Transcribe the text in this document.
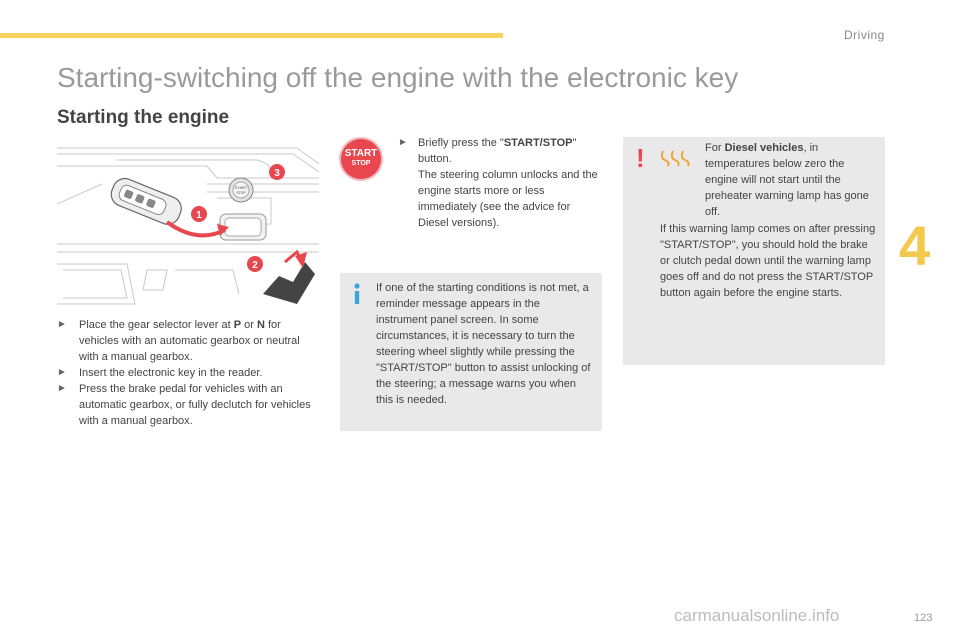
Driving
4
Starting-switching off the engine with the electronic key
Starting the engine
START
STOP
1
3
2
► Place the gear selector lever at P or N for vehicles with an automatic gearbox or neutral with a manual gearbox.
► Insert the electronic key in the reader.
► Press the brake pedal for vehicles with an automatic gearbox, or fully declutch for vehicles with a manual gearbox.
START
STOP
► Briefly press the "START/STOP" button.
The steering column unlocks and the engine starts more or less immediately (see the advice for Diesel versions).
If one of the starting conditions is not met, a reminder message appears in the instrument panel screen. In some circumstances, it is necessary to turn the steering wheel slightly while pressing the "START/STOP" button to assist unlocking of the steering; a message warns you when this is needed.
!	For Diesel vehicles, in temperatures below zero the engine will not start until the preheater warning lamp has gone off.
If this warning lamp comes on after pressing "START/STOP", you should hold the brake or clutch pedal down until the warning lamp goes off and do not press the START/STOP button again before the engine starts.
123
carmanualsonline.info
